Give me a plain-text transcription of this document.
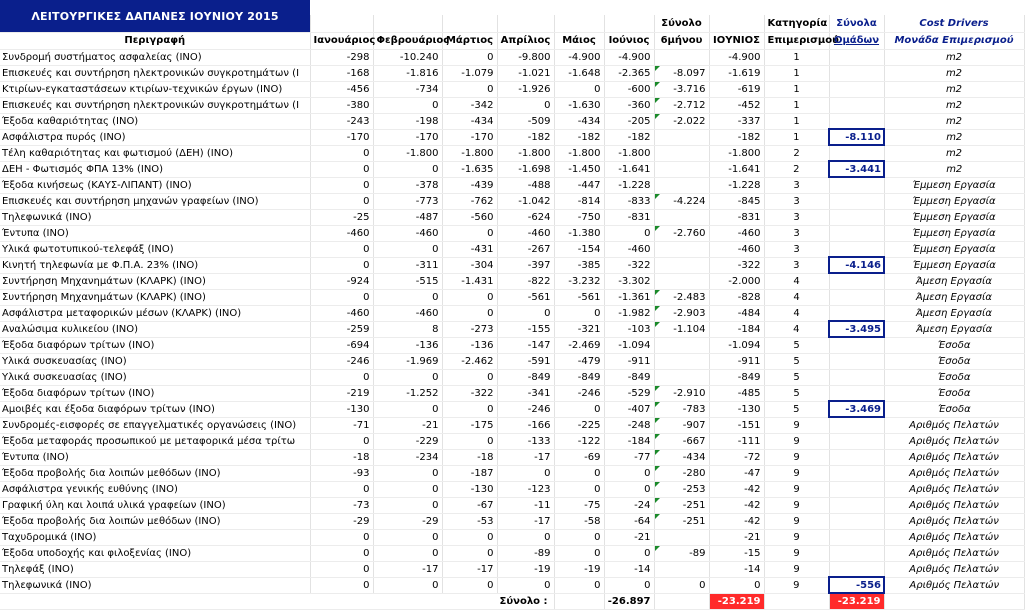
ΛΕΙΤΟΥΡΓΙΚΕΣ ΔΑΠΑΝΕΣ ΙΟΥΝΙΟΥ 2015
							Σύνολο		Κατηγορία	Σύνολα	Cost Drivers
Περιγραφή	Ιανουάριος	Φεβρουάριος	Μάρτιος	Απρίλιος	Μάιος	Ιούνιος	6μήνου	ΙΟΥΝΙΟΣ	Επιμερισμού	Ομάδων	Μονάδα Επιμερισμού
Συνδρομή συστήματος ασφαλείας (ΙΝΟ)	-298	-10.240	0	-9.800	-4.900	-4.900		-4.900	1		m2
Επισκευές και συντήρηση ηλεκτρονικών συγκροτημάτων (Ι	-168	-1.816	-1.079	-1.021	-1.648	-2.365	-8.097	-1.619	1		m2
Κτιρίων-εγκαταστάσεων κτιρίων-τεχνικών έργων (ΙΝΟ)	-456	-734	0	-1.926	0	-600	-3.716	-619	1		m2
Επισκευές και συντήρηση ηλεκτρονικών συγκροτημάτων (Ι	-380	0	-342	0	-1.630	-360	-2.712	-452	1		m2
Έξοδα καθαριότητας (ΙΝΟ)	-243	-198	-434	-509	-434	-205	-2.022	-337	1		m2
Ασφάλιστρα πυρός (ΙΝΟ)	-170	-170	-170	-182	-182	-182		-182	1	-8.110	m2
Τέλη καθαριότητας και φωτισμού (ΔΕΗ) (ΙΝΟ)	0	-1.800	-1.800	-1.800	-1.800	-1.800		-1.800	2		m2
ΔΕΗ - Φωτισμός ΦΠΑ 13% (ΙΝΟ)	0	0	-1.635	-1.698	-1.450	-1.641		-1.641	2	-3.441	m2
Έξοδα κινήσεως (ΚΑΥΣ-ΛΙΠΑΝΤ) (ΙΝΟ)	0	-378	-439	-488	-447	-1.228		-1.228	3		Έμμεση Εργασία
Επισκευές και συντήρηση μηχανών γραφείων (ΙΝΟ)	0	-773	-762	-1.042	-814	-833	-4.224	-845	3		Έμμεση Εργασία
Τηλεφωνικά (ΙΝΟ)	-25	-487	-560	-624	-750	-831		-831	3		Έμμεση Εργασία
Έντυπα (ΙΝΟ)	-460	-460	0	-460	-1.380	0	-2.760	-460	3		Έμμεση Εργασία
Υλικά φωτοτυπικού-τελεφάξ (ΙΝΟ)	0	0	-431	-267	-154	-460		-460	3		Έμμεση Εργασία
Κινητή τηλεφωνία με Φ.Π.Α. 23% (ΙΝΟ)	0	-311	-304	-397	-385	-322		-322	3	-4.146	Έμμεση Εργασία
Συντήρηση Μηχανημάτων (ΚΛΑΡΚ) (ΙΝΟ)	-924	-515	-1.431	-822	-3.232	-3.302		-2.000	4		Άμεση Εργασία
Συντήρηση Μηχανημάτων (ΚΛΑΡΚ) (ΙΝΟ)	0	0	0	-561	-561	-1.361	-2.483	-828	4		Άμεση Εργασία
Ασφάλιστρα μεταφορικών μέσων (ΚΛΑΡΚ) (ΙΝΟ)	-460	-460	0	0	0	-1.982	-2.903	-484	4		Άμεση Εργασία
Αναλώσιμα κυλικείου (ΙΝΟ)	-259	8	-273	-155	-321	-103	-1.104	-184	4	-3.495	Άμεση Εργασία
Έξοδα διαφόρων τρίτων (ΙΝΟ)	-694	-136	-136	-147	-2.469	-1.094		-1.094	5		Έσοδα
Υλικά συσκευασίας (ΙΝΟ)	-246	-1.969	-2.462	-591	-479	-911		-911	5		Έσοδα
Υλικά συσκευασίας (ΙΝΟ)	0	0	0	-849	-849	-849		-849	5		Έσοδα
Έξοδα διαφόρων τρίτων (ΙΝΟ)	-219	-1.252	-322	-341	-246	-529	-2.910	-485	5		Έσοδα
Αμοιβές και έξοδα διαφόρων τρίτων (ΙΝΟ)	-130	0	0	-246	0	-407	-783	-130	5	-3.469	Έσοδα
Συνδρομές-εισφορές σε επαγγελματικές οργανώσεις (ΙΝΟ)	-71	-21	-175	-166	-225	-248	-907	-151	9		Αριθμός Πελατών
Έξοδα μεταφοράς προσωπικού με μεταφορικά μέσα τρίτω	0	-229	0	-133	-122	-184	-667	-111	9		Αριθμός Πελατών
Έντυπα (ΙΝΟ)	-18	-234	-18	-17	-69	-77	-434	-72	9		Αριθμός Πελατών
Έξοδα προβολής δια λοιπών μεθόδων (ΙΝΟ)	-93	0	-187	0	0	0	-280	-47	9		Αριθμός Πελατών
Ασφάλιστρα γενικής ευθύνης (ΙΝΟ)	0	0	-130	-123	0	0	-253	-42	9		Αριθμός Πελατών
Γραφική ύλη και λοιπά υλικά γραφείων (ΙΝΟ)	-73	0	-67	-11	-75	-24	-251	-42	9		Αριθμός Πελατών
Έξοδα προβολής δια λοιπών μεθόδων (ΙΝΟ)	-29	-29	-53	-17	-58	-64	-251	-42	9		Αριθμός Πελατών
Ταχυδρομικά (ΙΝΟ)	0	0	0	0	0	-21		-21	9		Αριθμός Πελατών
Έξοδα υποδοχής και φιλοξενίας (ΙΝΟ)	0	0	0	-89	0	0	-89	-15	9		Αριθμός Πελατών
Τηλεφάξ (ΙΝΟ)	0	-17	-17	-19	-19	-14		-14	9		Αριθμός Πελατών
Τηλεφωνικά (ΙΝΟ)	0	0	0	0	0	0	0	0	9	-556	Αριθμός Πελατών
Σύνολο :						-26.897		-23.219		-23.219	
